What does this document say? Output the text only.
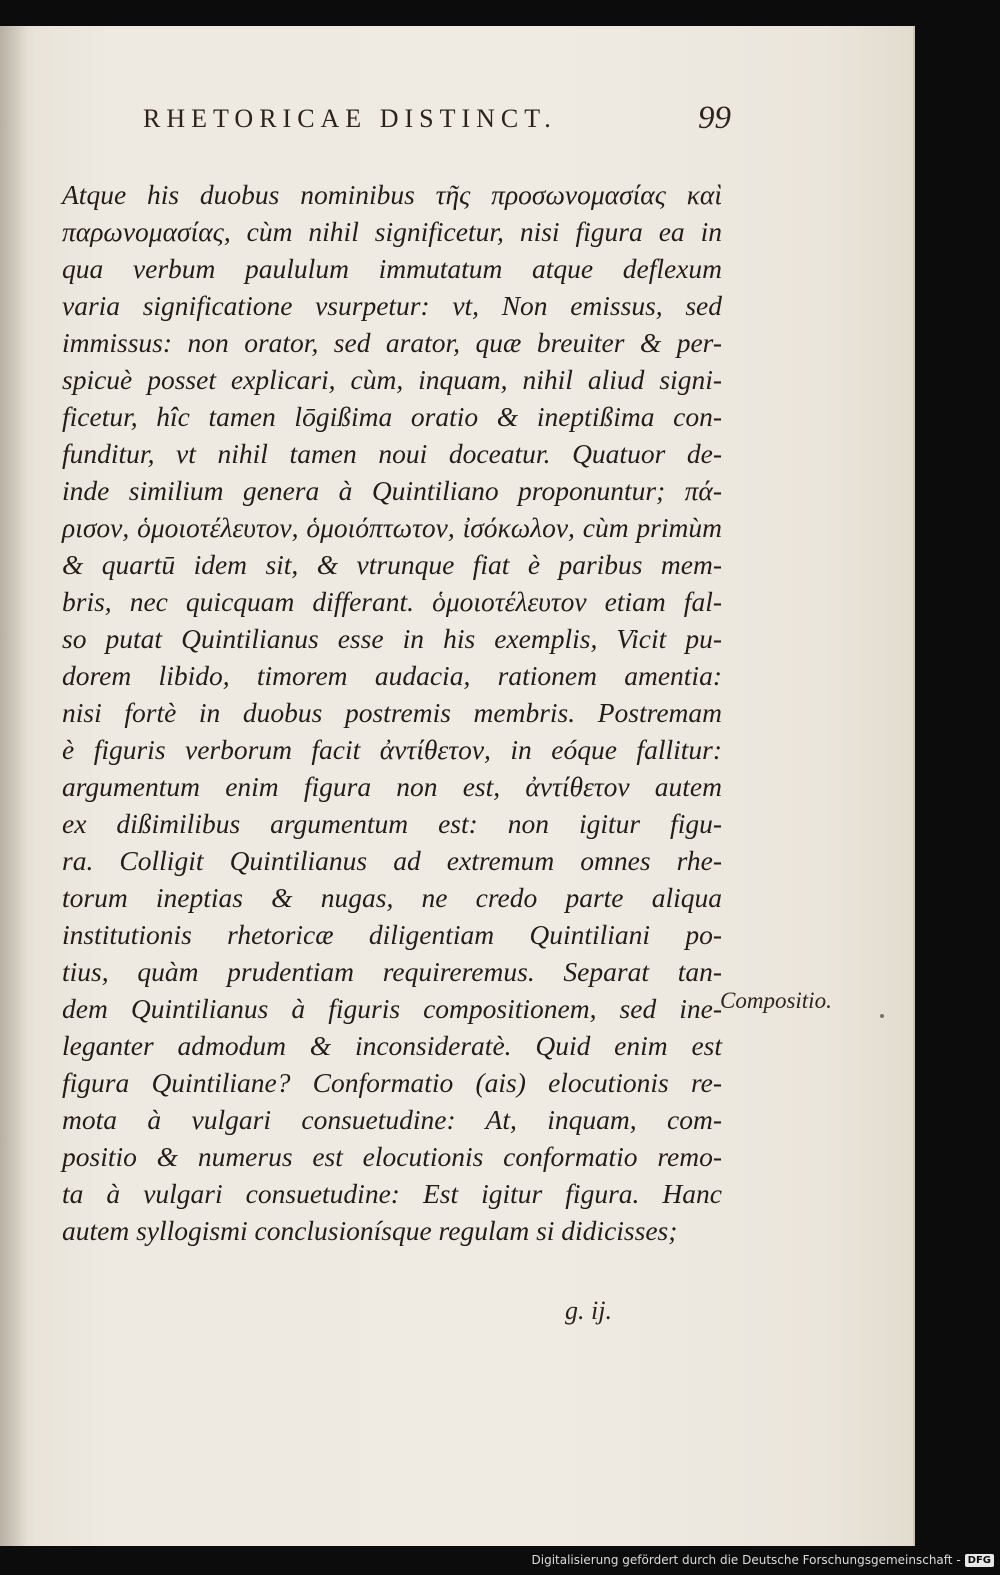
RHETORICAE DISTINCT.	99
Atque his duobus nominibus τῆς προσωνομασίας καὶ
παρωνομασίας, cùm nihil significetur, nisi figura ea in
qua verbum paululum immutatum atque deflexum
varia significatione vsurpetur: vt, Non emissus, sed
immissus: non orator, sed arator, quæ breuiter & per-
spicuè posset explicari, cùm, inquam, nihil aliud signi-
ficetur, hîc tamen lōgißima oratio & ineptißima con-
funditur, vt nihil tamen noui doceatur. Quatuor de-
inde similium genera à Quintiliano proponuntur; πά-
ρισον, ὁμοιοτέλευτον, ὁμοιόπτωτον, ἰσόκωλον, cùm primùm
& quartū idem sit, & vtrunque fiat è paribus mem-
bris, nec quicquam differant. ὁμοιοτέλευτον etiam fal-
so putat Quintilianus esse in his exemplis, Vicit pu-
dorem libido, timorem audacia, rationem amentia:
nisi fortè in duobus postremis membris. Postremam
è figuris verborum facit ἀντίθετον, in eóque fallitur:
argumentum enim figura non est, ἀντίθετον autem
ex dißimilibus argumentum est: non igitur figu-
ra. Colligit Quintilianus ad extremum omnes rhe-
torum ineptias & nugas, ne credo parte aliqua
institutionis rhetoricæ diligentiam Quintiliani po-
tius, quàm prudentiam requireremus. Separat tan-
dem Quintilianus à figuris compositionem, sed ine-
leganter admodum & inconsideratè. Quid enim est
figura Quintiliane? Conformatio (ais) elocutionis re-
mota à vulgari consuetudine: At, inquam, com-
positio & numerus est elocutionis conformatio remo-
ta à vulgari consuetudine: Est igitur figura. Hanc
autem syllogismi conclusionísque regulam si didicisses;
Compositio.
g. ij.
Digitalisierung gefördert durch die Deutsche Forschungsgemeinschaft - DFG
